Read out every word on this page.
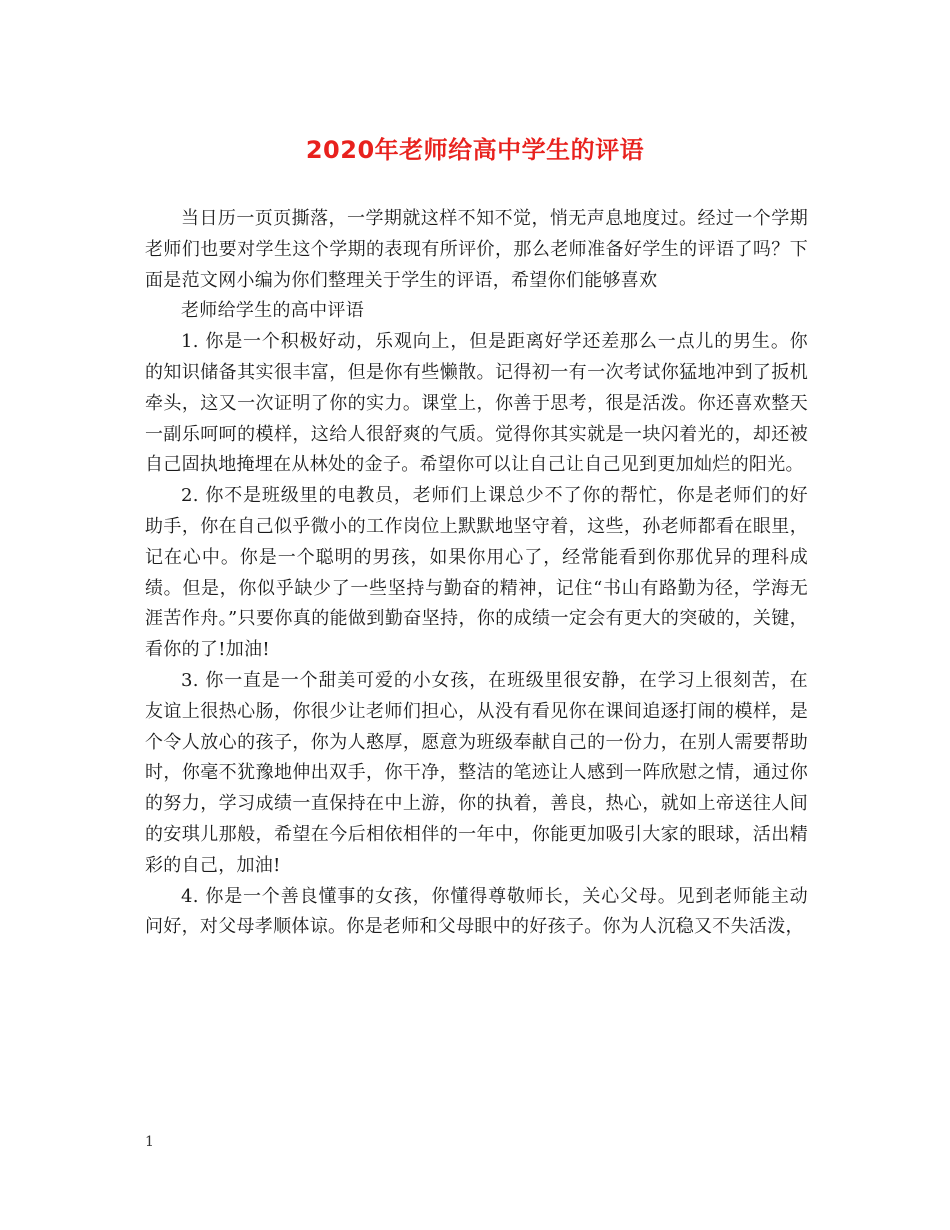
2020年老师给高中学生的评语

当日历一页页撕落，一学期就这样不知不觉，悄无声息地度过。经过一个学期老师们也要对学生这个学期的表现有所评价，那么老师准备好学生的评语了吗？下面是范文网小编为你们整理关于学生的评语，希望你们能够喜欢

老师给学生的高中评语

1. 你是一个积极好动，乐观向上，但是距离好学还差那么一点儿的男生。你的知识储备其实很丰富，但是你有些懒散。记得初一有一次考试你猛地冲到了扳机牵头，这又一次证明了你的实力。课堂上，你善于思考，很是活泼。你还喜欢整天一副乐呵呵的模样，这给人很舒爽的气质。觉得你其实就是一块闪着光的，却还被自己固执地掩埋在从林处的金子。希望你可以让自己让自己见到更加灿烂的阳光。

2. 你不是班级里的电教员，老师们上课总少不了你的帮忙，你是老师们的好助手，你在自己似乎微小的工作岗位上默默地坚守着，这些，孙老师都看在眼里，记在心中。你是一个聪明的男孩，如果你用心了，经常能看到你那优异的理科成绩。但是，你似乎缺少了一些坚持与勤奋的精神，记住“书山有路勤为径，学海无涯苦作舟。”只要你真的能做到勤奋坚持，你的成绩一定会有更大的突破的，关键，看你的了!加油!

3. 你一直是一个甜美可爱的小女孩，在班级里很安静，在学习上很刻苦，在友谊上很热心肠，你很少让老师们担心，从没有看见你在课间追逐打闹的模样，是个令人放心的孩子，你为人憨厚，愿意为班级奉献自己的一份力，在别人需要帮助时，你毫不犹豫地伸出双手，你干净，整洁的笔迹让人感到一阵欣慰之情，通过你的努力，学习成绩一直保持在中上游，你的执着，善良，热心，就如上帝送往人间的安琪儿那般，希望在今后相依相伴的一年中，你能更加吸引大家的眼球，活出精彩的自己，加油!

4. 你是一个善良懂事的女孩，你懂得尊敬师长，关心父母。见到老师能主动问好，对父母孝顺体谅。你是老师和父母眼中的好孩子。你为人沉稳又不失活泼，

1
